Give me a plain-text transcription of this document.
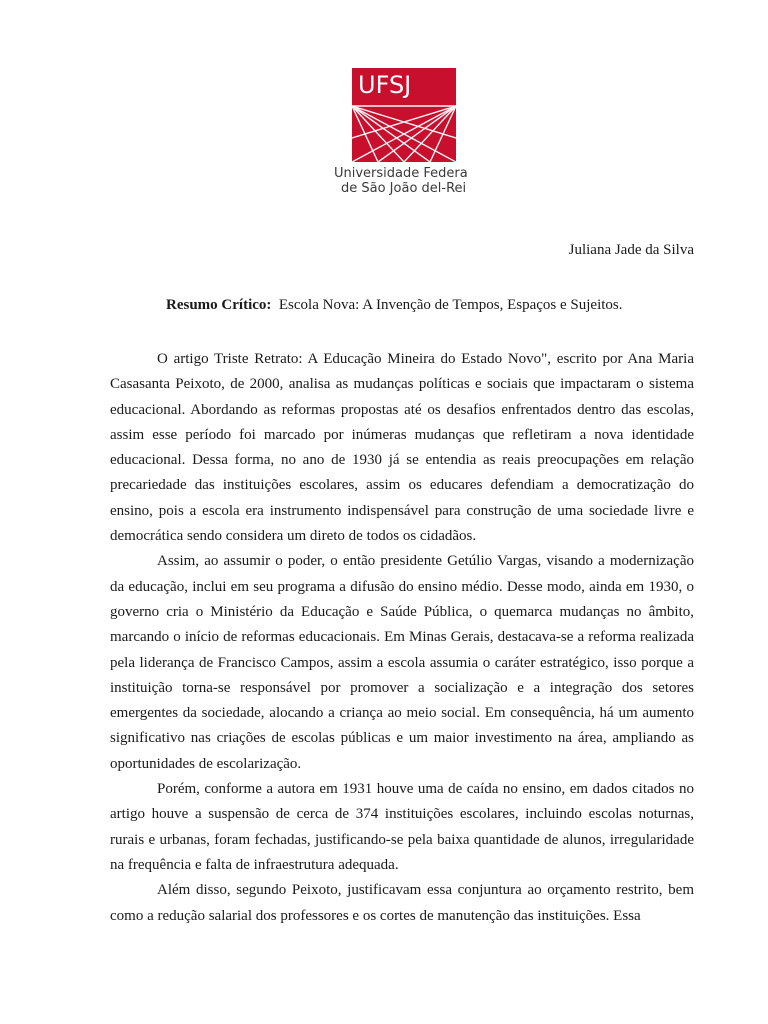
UFSJ
Universidade Federa
de São João del-Rei
Juliana Jade da Silva
Resumo Crítico: Escola Nova: A Invenção de Tempos, Espaços e Sujeitos.

O artigo Triste Retrato: A Educação Mineira do Estado Novo", escrito por Ana Maria Casasanta Peixoto, de 2000, analisa as mudanças políticas e sociais que impactaram o sistema educacional. Abordando as reformas propostas até os desafios enfrentados dentro das escolas, assim esse período foi marcado por inúmeras mudanças que refletiram a nova identidade educacional. Dessa forma, no ano de 1930 já se entendia as reais preocupações em relação precariedade das instituições escolares, assim os educares defendiam a democratização do ensino, pois a escola era instrumento indispensável para construção de uma sociedade livre e democrática sendo considera um direto de todos os cidadãos.

Assim, ao assumir o poder, o então presidente Getúlio Vargas, visando a modernização da educação, inclui em seu programa a difusão do ensino médio. Desse modo, ainda em 1930, o governo cria o Ministério da Educação e Saúde Pública, o quemarca mudanças no âmbito, marcando o início de reformas educacionais. Em Minas Gerais, destacava-se a reforma realizada pela liderança de Francisco Campos, assim a escola assumia o caráter estratégico, isso porque a instituição torna-se responsável por promover a socialização e a integração dos setores emergentes da sociedade, alocando a criança ao meio social. Em consequência, há um aumento significativo nas criações de escolas públicas e um maior investimento na área, ampliando as oportunidades de escolarização.

Porém, conforme a autora em 1931 houve uma de caída no ensino, em dados citados no artigo houve a suspensão de cerca de 374 instituições escolares, incluindo escolas noturnas, rurais e urbanas, foram fechadas, justificando-se pela baixa quantidade de alunos, irregularidade na frequência e falta de infraestrutura adequada.

Além disso, segundo Peixoto, justificavam essa conjuntura ao orçamento restrito, bem como a redução salarial dos professores e os cortes de manutenção das instituições. Essa
